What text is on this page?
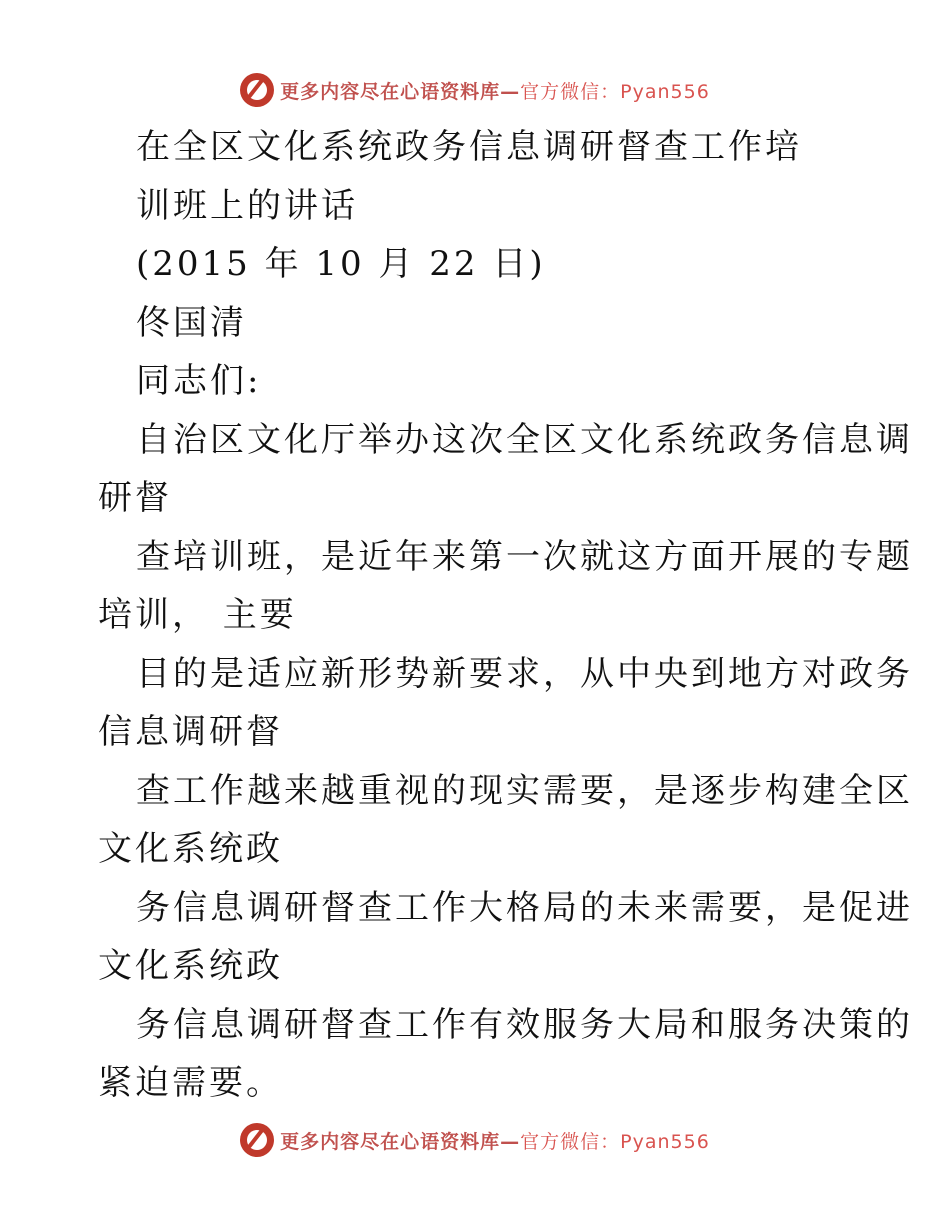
更多内容尽在心语资料库—官方微信：Pyan556
在全区文化系统政务信息调研督查工作培
训班上的讲话
(2015 年 10 月 22 日)
佟国清
同志们:
自治区文化厅举办这次全区文化系统政务信息调
研督
查培训班，是近年来第一次就这方面开展的专题
培训， 主要
目的是适应新形势新要求，从中央到地方对政务
信息调研督
查工作越来越重视的现实需要，是逐步构建全区
文化系统政
务信息调研督查工作大格局的未来需要，是促进
文化系统政
务信息调研督查工作有效服务大局和服务决策的
紧迫需要。
更多内容尽在心语资料库—官方微信：Pyan556
